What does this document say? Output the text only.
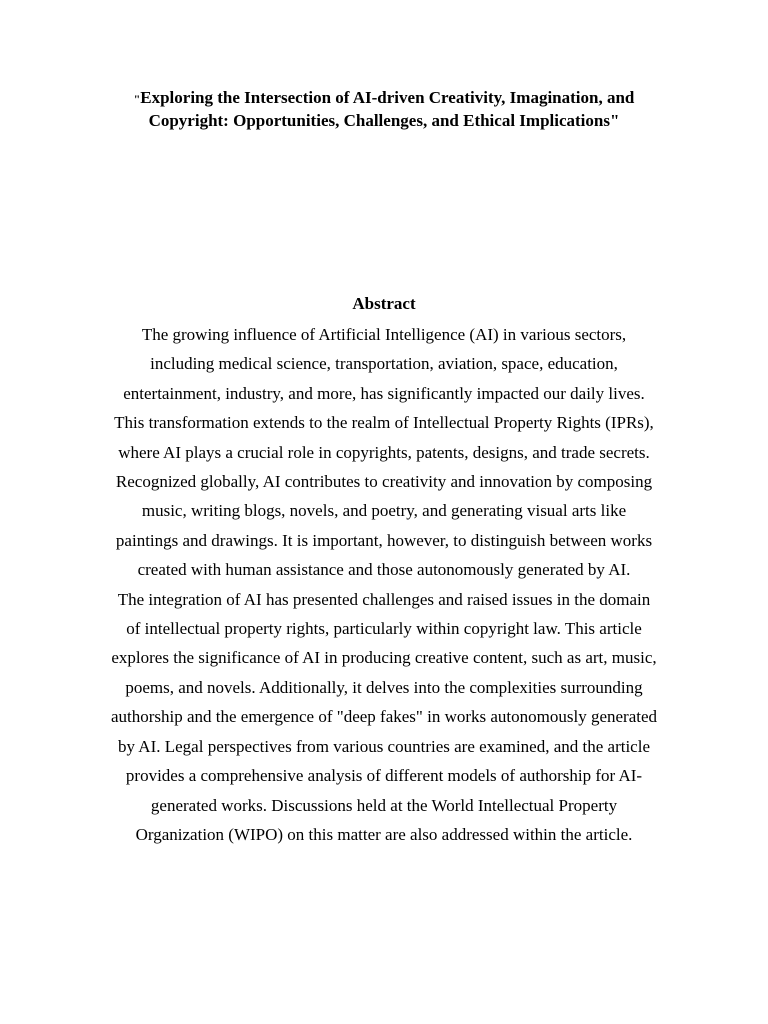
"Exploring the Intersection of AI-driven Creativity, Imagination, and
Copyright: Opportunities, Challenges, and Ethical Implications"
Abstract

The growing influence of Artificial Intelligence (AI) in various sectors,
including medical science, transportation, aviation, space, education,
entertainment, industry, and more, has significantly impacted our daily lives.
This transformation extends to the realm of Intellectual Property Rights (IPRs),
where AI plays a crucial role in copyrights, patents, designs, and trade secrets.
Recognized globally, AI contributes to creativity and innovation by composing
music, writing blogs, novels, and poetry, and generating visual arts like
paintings and drawings. It is important, however, to distinguish between works
created with human assistance and those autonomously generated by AI.

The integration of AI has presented challenges and raised issues in the domain
of intellectual property rights, particularly within copyright law. This article
explores the significance of AI in producing creative content, such as art, music,
poems, and novels. Additionally, it delves into the complexities surrounding
authorship and the emergence of "deep fakes" in works autonomously generated
by AI. Legal perspectives from various countries are examined, and the article
provides a comprehensive analysis of different models of authorship for AI-
generated works. Discussions held at the World Intellectual Property
Organization (WIPO) on this matter are also addressed within the article.
